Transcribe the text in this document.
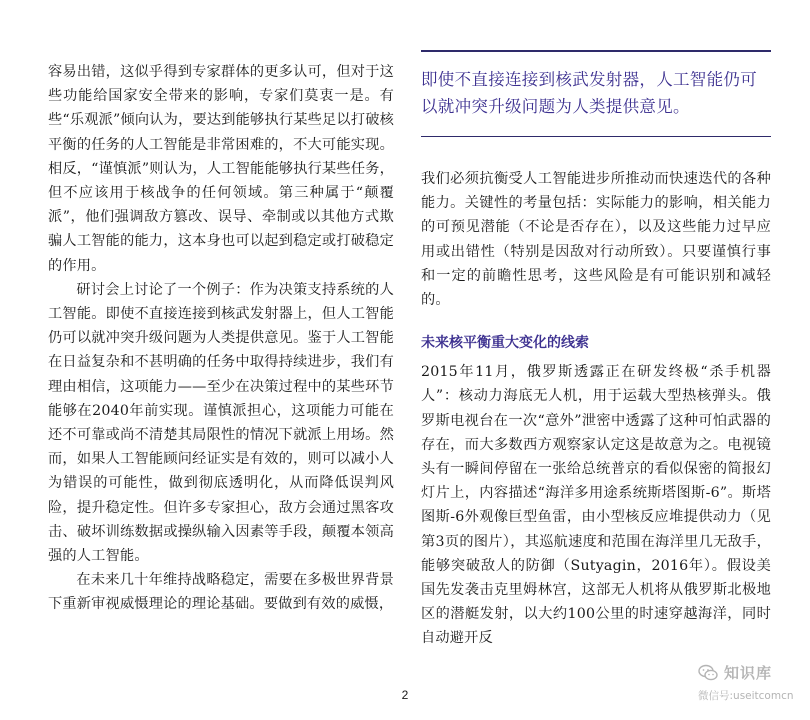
容易出错，这似乎得到专家群体的更多认可，但对于这些功能给国家安全带来的影响，专家们莫衷一是。有些“乐观派”倾向认为，要达到能够执行某些足以打破核平衡的任务的人工智能是非常困难的，不大可能实现。相反，“谨慎派”则认为，人工智能能够执行某些任务，但不应该用于核战争的任何领域。第三种属于“颠覆派”，他们强调敌方篡改、误导、牵制或以其他方式欺骗人工智能的能力，这本身也可以起到稳定或打破稳定的作用。

研讨会上讨论了一个例子：作为决策支持系统的人工智能。即使不直接连接到核武发射器上，但人工智能仍可以就冲突升级问题为人类提供意见。鉴于人工智能在日益复杂和不甚明确的任务中取得持续进步，我们有理由相信，这项能力——至少在决策过程中的某些环节能够在2040年前实现。谨慎派担心，这项能力可能在还不可靠或尚不清楚其局限性的情况下就派上用场。然而，如果人工智能顾问经证实是有效的，则可以减小人为错误的可能性，做到彻底透明化，从而降低误判风险，提升稳定性。但许多专家担心，敌方会通过黑客攻击、破坏训练数据或操纵输入因素等手段，颠覆本领高强的人工智能。

在未来几十年维持战略稳定，需要在多极世界背景下重新审视威慑理论的理论基础。要做到有效的威慑，

即使不直接连接到核武发射器，人工智能仍可以就冲突升级问题为人类提供意见。

我们必须抗衡受人工智能进步所推动而快速迭代的各种能力。关键性的考量包括：实际能力的影响，相关能力的可预见潜能（不论是否存在），以及这些能力过早应用或出错性（特别是因敌对行动所致）。只要谨慎行事和一定的前瞻性思考，这些风险是有可能识别和减轻的。

未来核平衡重大变化的线索

2015年11月，俄罗斯透露正在研发终极“杀手机器人”：核动力海底无人机，用于运载大型热核弹头。俄罗斯电视台在一次“意外”泄密中透露了这种可怕武器的存在，而大多数西方观察家认定这是故意为之。电视镜头有一瞬间停留在一张给总统普京的看似保密的简报幻灯片上，内容描述“海洋多用途系统斯塔图斯-6”。斯塔图斯-6外观像巨型鱼雷，由小型核反应堆提供动力（见第3页的图片），其巡航速度和范围在海洋里几无敌手，能够突破敌人的防御（Sutyagin，2016年）。假设美国先发袭击克里姆林宫，这部无人机将从俄罗斯北极地区的潜艇发射，以大约100公里的时速穿越海洋，同时自动避开反

2
知识库
微信号:useitcomcn
